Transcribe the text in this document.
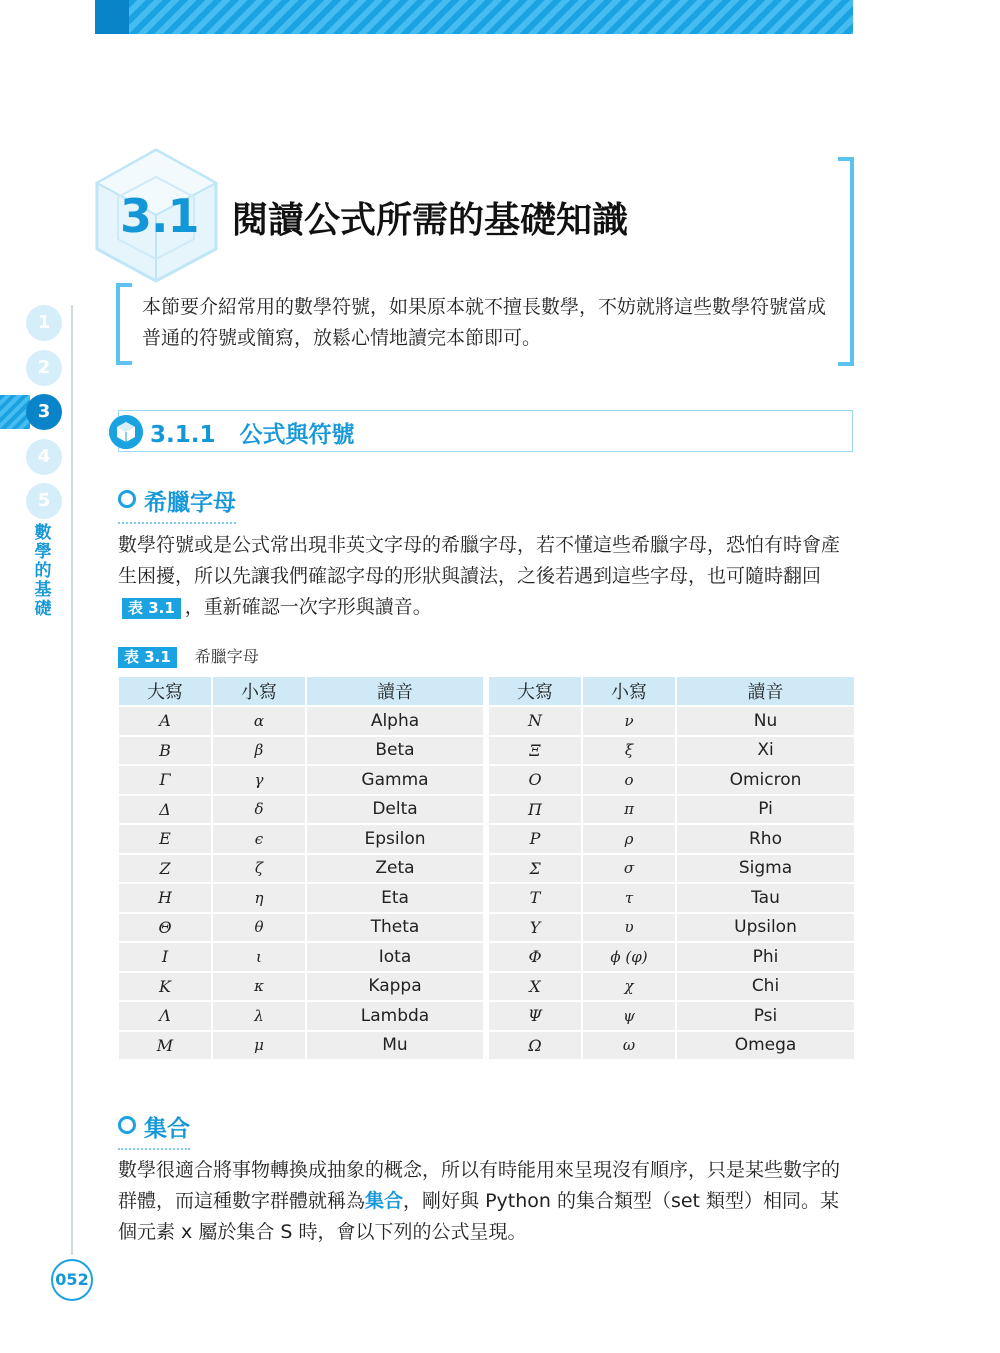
1
2
3
4
5
數學的基礎
052
3.1 閱讀公式所需的基礎知識
本節要介紹常用的數學符號，如果原本就不擅長數學，不妨就將這些數學符號當成普通的符號或簡寫，放鬆心情地讀完本節即可。
3.1.1 公式與符號
希臘字母
數學符號或是公式常出現非英文字母的希臘字母，若不懂這些希臘字母，恐怕有時會產生困擾，所以先讓我們確認字母的形狀與讀法，之後若遇到這些字母，也可隨時翻回表 3.1 ，重新確認一次字形與讀音。
表 3.1 希臘字母
大寫	小寫	讀音		大寫	小寫	讀音
A	α	Alpha		N	ν	Nu
B	β	Beta		Ξ	ξ	Xi
Γ	γ	Gamma		O	ο	Omicron
Δ	δ	Delta		Π	π	Pi
E	ϵ	Epsilon		P	ρ	Rho
Z	ζ	Zeta		Σ	σ	Sigma
H	η	Eta		T	τ	Tau
Θ	θ	Theta		Υ	υ	Upsilon
I	ι	Iota		Φ	ϕ (φ)	Phi
K	κ	Kappa		X	χ	Chi
Λ	λ	Lambda		Ψ	ψ	Psi
M	μ	Mu		Ω	ω	Omega
集合
數學很適合將事物轉換成抽象的概念，所以有時能用來呈現沒有順序，只是某些數字的群體，而這種數字群體就稱為集合，剛好與 Python 的集合類型（set 類型）相同。某個元素 x 屬於集合 S 時，會以下列的公式呈現。
